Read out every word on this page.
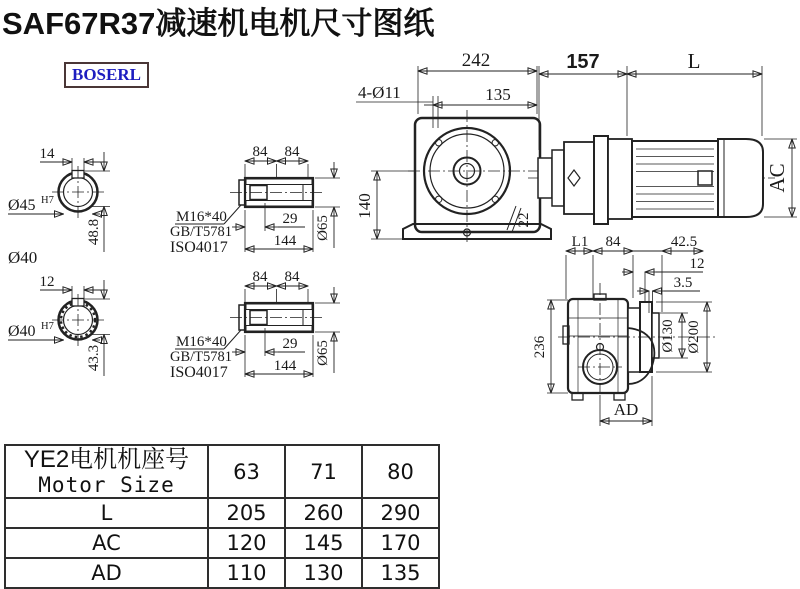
SAF67R37减速机电机尺寸图纸
BOSERL
14
48.8
Ø45 H7
Ø40
12
43.3
Ø40 H7
84 84
29
144
Ø65
M16*40
GB/T5781
ISO4017
84 84
29
144
Ø65
M16*40
GB/T5781
ISO4017
242
4-Ø11	135
140
22
157	L
AC
L1 84	42.5
12
3.5
236	Ø130 Ø200
AD
YE2电机机座号
Motor Size	63	71	80
L	205	260	290
AC	120	145	170
AD	110	130	135
